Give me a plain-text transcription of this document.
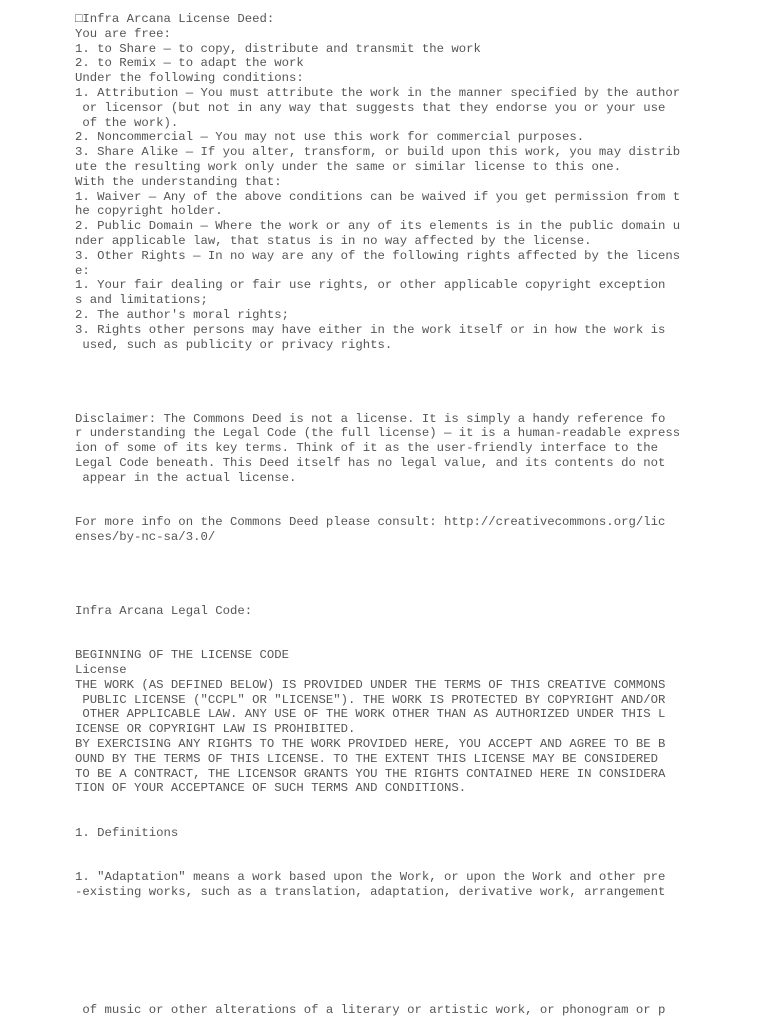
□Infra Arcana License Deed:
You are free:
1. to Share — to copy, distribute and transmit the work
2. to Remix — to adapt the work
Under the following conditions:
1. Attribution — You must attribute the work in the manner specified by the author
or licensor (but not in any way that suggests that they endorse you or your use
of the work).
2. Noncommercial — You may not use this work for commercial purposes.
3. Share Alike — If you alter, transform, or build upon this work, you may distrib
ute the resulting work only under the same or similar license to this one.
With the understanding that:
1. Waiver — Any of the above conditions can be waived if you get permission from t
he copyright holder.
2. Public Domain — Where the work or any of its elements is in the public domain u
nder applicable law, that status is in no way affected by the license.
3. Other Rights — In no way are any of the following rights affected by the licens
e:
1. Your fair dealing or fair use rights, or other applicable copyright exception
s and limitations;
2. The author's moral rights;
3. Rights other persons may have either in the work itself or in how the work is
used, such as publicity or privacy rights.
Disclaimer: The Commons Deed is not a license. It is simply a handy reference fo
r understanding the Legal Code (the full license) — it is a human-readable express
ion of some of its key terms. Think of it as the user-friendly interface to the
Legal Code beneath. This Deed itself has no legal value, and its contents do not
appear in the actual license.
For more info on the Commons Deed please consult: http://creativecommons.org/lic
enses/by-nc-sa/3.0/
Infra Arcana Legal Code:
BEGINNING OF THE LICENSE CODE
License
THE WORK (AS DEFINED BELOW) IS PROVIDED UNDER THE TERMS OF THIS CREATIVE COMMONS
PUBLIC LICENSE ("CCPL" OR "LICENSE"). THE WORK IS PROTECTED BY COPYRIGHT AND/OR
OTHER APPLICABLE LAW. ANY USE OF THE WORK OTHER THAN AS AUTHORIZED UNDER THIS L
ICENSE OR COPYRIGHT LAW IS PROHIBITED.
BY EXERCISING ANY RIGHTS TO THE WORK PROVIDED HERE, YOU ACCEPT AND AGREE TO BE B
OUND BY THE TERMS OF THIS LICENSE. TO THE EXTENT THIS LICENSE MAY BE CONSIDERED
TO BE A CONTRACT, THE LICENSOR GRANTS YOU THE RIGHTS CONTAINED HERE IN CONSIDERA
TION OF YOUR ACCEPTANCE OF SUCH TERMS AND CONDITIONS.
1. Definitions
1. "Adaptation" means a work based upon the Work, or upon the Work and other pre
-existing works, such as a translation, adaptation, derivative work, arrangement
of music or other alterations of a literary or artistic work, or phonogram or p
